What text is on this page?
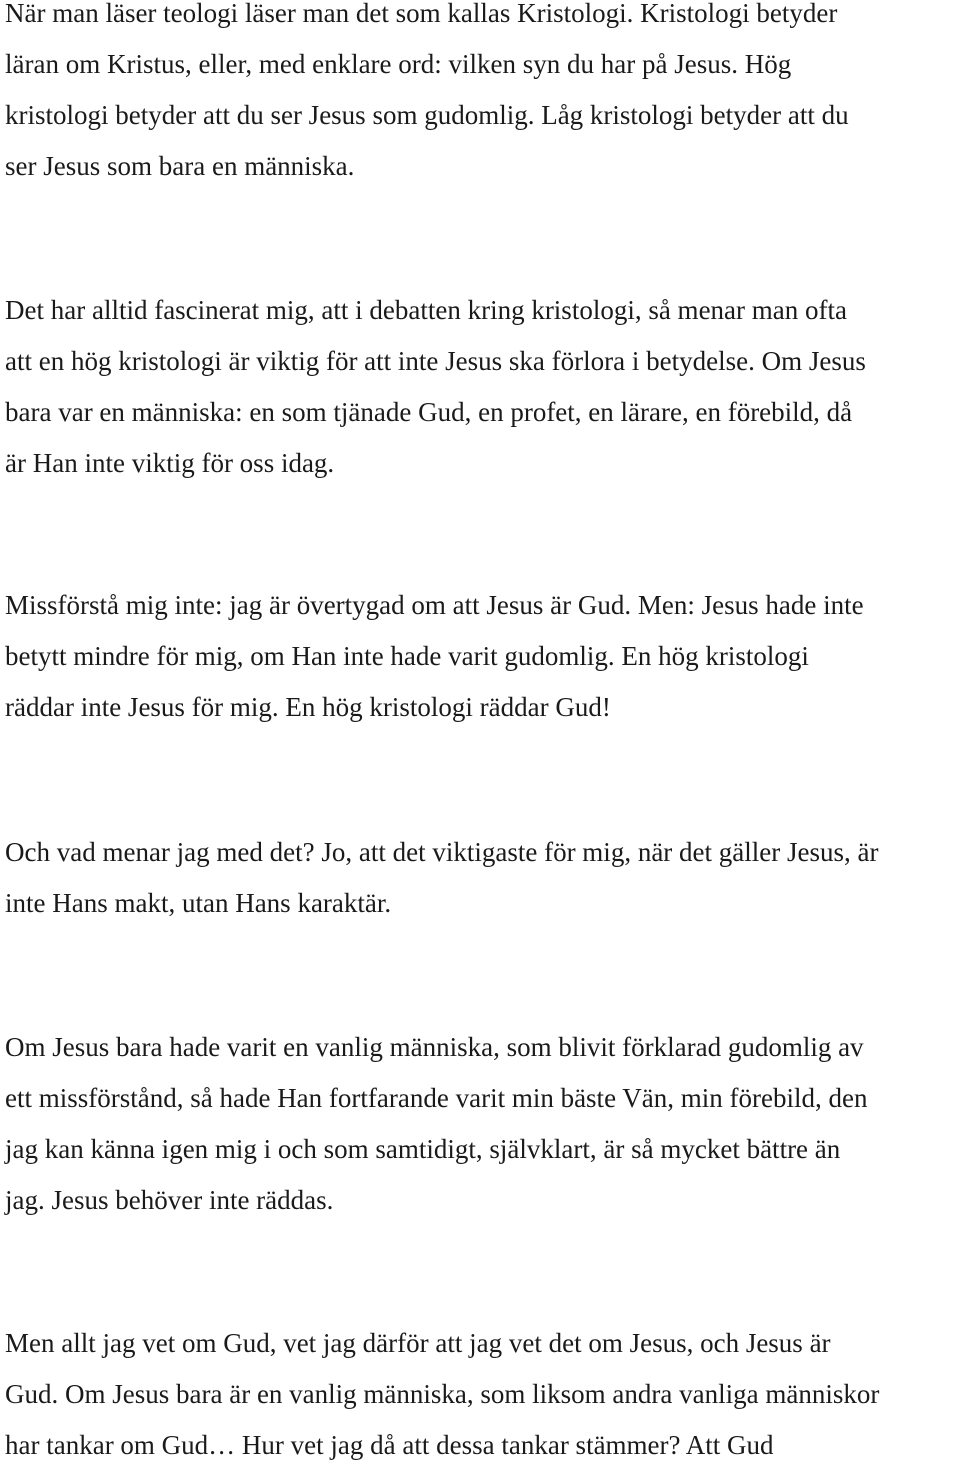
När man läser teologi läser man det som kallas Kristologi. Kristologi betyder
läran om Kristus, eller, med enklare ord: vilken syn du har på Jesus. Hög
kristologi betyder att du ser Jesus som gudomlig. Låg kristologi betyder att du
ser Jesus som bara en människa.

Det har alltid fascinerat mig, att i debatten kring kristologi, så menar man ofta
att en hög kristologi är viktig för att inte Jesus ska förlora i betydelse. Om Jesus
bara var en människa: en som tjänade Gud, en profet, en lärare, en förebild, då
är Han inte viktig för oss idag.

Missförstå mig inte: jag är övertygad om att Jesus är Gud. Men: Jesus hade inte
betytt mindre för mig, om Han inte hade varit gudomlig. En hög kristologi
räddar inte Jesus för mig. En hög kristologi räddar Gud!

Och vad menar jag med det? Jo, att det viktigaste för mig, när det gäller Jesus, är
inte Hans makt, utan Hans karaktär.

Om Jesus bara hade varit en vanlig människa, som blivit förklarad gudomlig av
ett missförstånd, så hade Han fortfarande varit min bäste Vän, min förebild, den
jag kan känna igen mig i och som samtidigt, självklart, är så mycket bättre än
jag. Jesus behöver inte räddas.

Men allt jag vet om Gud, vet jag därför att jag vet det om Jesus, och Jesus är
Gud. Om Jesus bara är en vanlig människa, som liksom andra vanliga människor
har tankar om Gud… Hur vet jag då att dessa tankar stämmer? Att Gud
